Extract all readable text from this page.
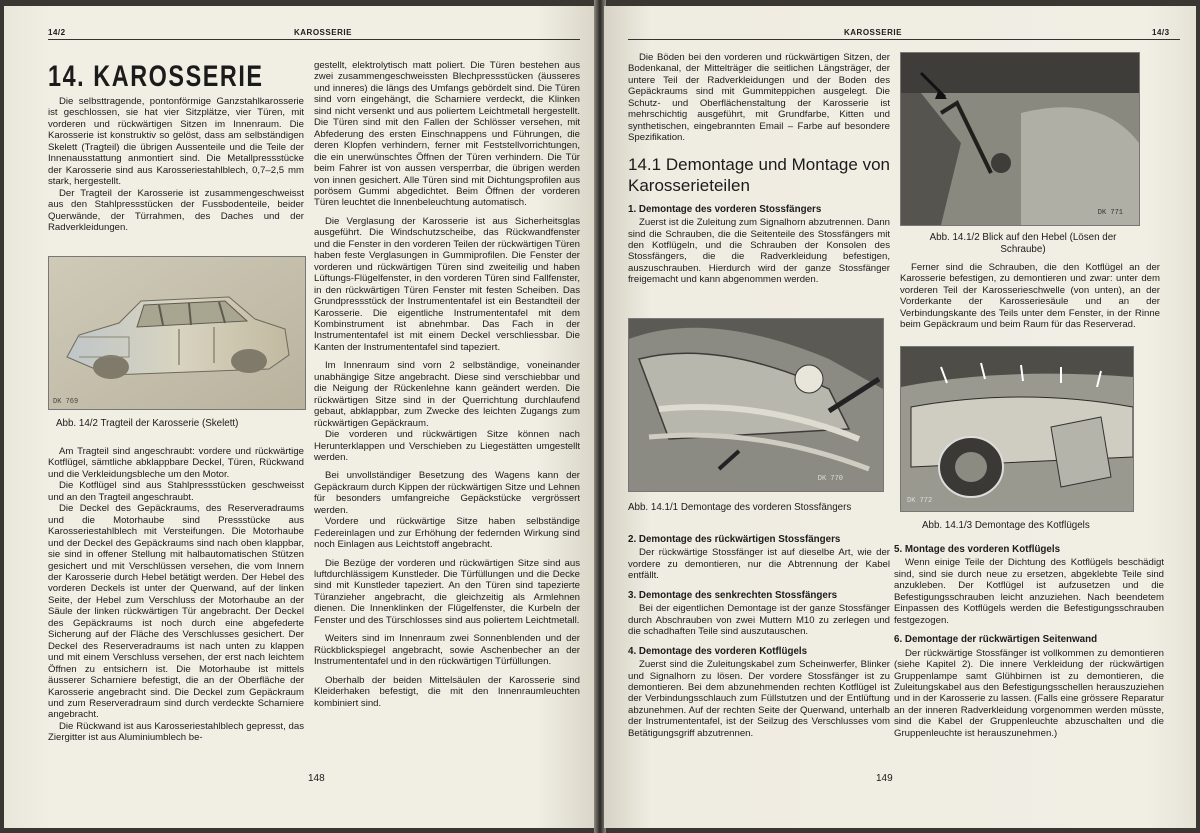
14/2	KAROSSERIE
14. KAROSSERIE

Die selbsttragende, pontonförmige Ganzstahlkarosserie ist geschlossen, sie hat vier Sitzplätze, vier Türen, mit vorderen und rückwärtigen Sitzen im Innenraum. Die Karosserie ist konstruktiv so gelöst, dass am selbständigen Skelett (Tragteil) die übrigen Aussenteile und die Teile der Innenausstattung anmontiert sind. Die Metallpressstücke der Karosserie sind aus Karosseriestahlblech, 0,7–2,5 mm stark, hergestellt.

Der Tragteil der Karosserie ist zusammengeschweisst aus den Stahlpressstücken der Fussbodenteile, beider Querwände, der Türrahmen, des Daches und der Radverkleidungen.

DK 769
Abb. 14/2 Tragteil der Karosserie (Skelett)

Am Tragteil sind angeschraubt: vordere und rückwärtige Kotflügel, sämtliche abklappbare Deckel, Türen, Rückwand und die Verkleidungsbleche um den Motor.

Die Kotflügel sind aus Stahlpressstücken geschweisst und an den Tragteil angeschraubt.

Die Deckel des Gepäckraums, des Reserveradraums und die Motorhaube sind Pressstücke aus Karosseriestahlblech mit Versteifungen. Die Motorhaube und der Deckel des Gepäckraums sind nach oben klappbar, sie sind in offener Stellung mit halbautomatischen Stützen gesichert und mit Verschlüssen versehen, die vom Innern der Karosserie durch Hebel betätigt werden. Der Hebel des vorderen Deckels ist unter der Querwand, auf der linken Seite, der Hebel zum Verschluss der Motorhaube an der Säule der linken rückwärtigen Tür angebracht. Der Deckel des Gepäckraums ist noch durch eine abgefederte Sicherung auf der Fläche des Verschlusses gesichert. Der Deckel des Reserveradraums ist nach unten zu klappen und mit einem Verschluss versehen, der erst nach leichtem Öffnen zu entsichern ist. Die Motorhaube ist mittels äusserer Scharniere befestigt, die an der Oberfläche der Karosserie angebracht sind. Die Deckel zum Gepäckraum und zum Reserveradraum sind durch verdeckte Scharniere angebracht.

Die Rückwand ist aus Karosseriestahlblech gepresst, das Ziergitter ist aus Aluminiumblech be-

gestellt, elektrolytisch matt poliert. Die Türen bestehen aus zwei zusammengeschweissten Blechpressstücken (äusseres und inneres) die längs des Umfangs gebördelt sind. Die Türen sind vorn eingehängt, die Scharniere verdeckt, die Klinken sind nicht versenkt und aus poliertem Leichtmetall hergestellt. Die Türen sind mit den Fallen der Schlösser versehen, mit Abfederung des ersten Einschnappens und Führungen, die deren Klopfen verhindern, ferner mit Feststellvorrichtungen, die ein unerwünschtes Öffnen der Türen verhindern. Die Tür beim Fahrer ist von aussen versperrbar, die übrigen werden von innen gesichert. Alle Türen sind mit Dichtungsprofilen aus porösem Gummi abgedichtet. Beim Öffnen der vorderen Türen leuchtet die Innenbeleuchtung automatisch.

Die Verglasung der Karosserie ist aus Sicherheitsglas ausgeführt. Die Windschutzscheibe, das Rückwandfenster und die Fenster in den vorderen Teilen der rückwärtigen Türen haben feste Verglasungen in Gummiprofilen. Die Fenster der vorderen und rückwärtigen Türen sind zweiteilig und haben Lüftungs-Flügelfenster, in den vorderen Türen sind Fallfenster, in den rückwärtigen Türen Fenster mit festen Scheiben. Das Grundpressstück der Instrumententafel ist ein Bestandteil der Karosserie. Die eigentliche Instrumententafel mit dem Kombinstrument ist abnehmbar. Das Fach in der Instrumententafel ist mit einem Deckel verschliessbar. Die Kanten der Instrumententafel sind tapeziert.

Im Innenraum sind vorn 2 selbständige, voneinander unabhängige Sitze angebracht. Diese sind verschiebbar und die Neigung der Rückenlehne kann geändert werden. Die rückwärtigen Sitze sind in der Querrichtung durchlaufend gebaut, abklappbar, zum Zwecke des leichten Zugangs zum rückwärtigen Gepäckraum.

Die vorderen und rückwärtigen Sitze können nach Herunterklappen und Verschieben zu Liegestätten umgestellt werden.

Bei unvollständiger Besetzung des Wagens kann der Gepäckraum durch Kippen der rückwärtigen Sitze und Lehnen für besonders umfangreiche Gepäckstücke vergrössert werden.

Vordere und rückwärtige Sitze haben selbständige Federeinlagen und zur Erhöhung der federnden Wirkung sind noch Einlagen aus Leichtstoff angebracht.

Die Bezüge der vorderen und rückwärtigen Sitze sind aus luftdurchlässigem Kunstleder. Die Türfüllungen und die Decke sind mit Kunstleder tapeziert. An den Türen sind tapezierte Türanzieher angebracht, die gleichzeitig als Armlehnen dienen. Die Innenklinken der Flügelfenster, die Kurbeln der Fenster und des Türschlosses sind aus poliertem Leichtmetall.

Weiters sind im Innenraum zwei Sonnenblenden und der Rückblickspiegel angebracht, sowie Aschenbecher an der Instrumententafel und in den rückwärtigen Türfüllungen.

Oberhalb der beiden Mittelsäulen der Karosserie sind Kleiderhaken befestigt, die mit den Innenraumleuchten kombiniert sind.

148
KAROSSERIE	14/3

Die Böden bei den vorderen und rückwärtigen Sitzen, der Bodenkanal, der Mittelträger die seitlichen Längsträger, der untere Teil der Radverkleidungen und der Boden des Gepäckraums sind mit Gummiteppichen ausgelegt. Die Schutz- und Oberflächenstaltung der Karosserie ist mehrschichtig ausgeführt, mit Grundfarbe, Kitten und synthetischen, eingebrannten Email – Farbe auf besondere Spezifikation.

14.1 Demontage und Montage von Karosserieteilen
1. Demontage des vorderen Stossfängers

Zuerst ist die Zuleitung zum Signalhorn abzutrennen. Dann sind die Schrauben, die die Seitenteile des Stossfängers mit den Kotflügeln, und die Schrauben der Konsolen des Stossfängers, die die Radverkleidung befestigen, auszuschrauben. Hierdurch wird der ganze Stossfänger freigemacht und kann abgenommen werden.

DK 770
Abb. 14.1/1 Demontage des vorderen Stossfängers
2. Demontage des rückwärtigen Stossfängers

Der rückwärtige Stossfänger ist auf dieselbe Art, wie der vordere zu demontieren, nur die Abtrennung der Kabel entfällt.

3. Demontage des senkrechten Stossfängers

Bei der eigentlichen Demontage ist der ganze Stossfänger durch Abschrauben von zwei Muttern M10 zu zerlegen und die schadhaften Teile sind auszutauschen.

4. Demontage des vorderen Kotflügels

Zuerst sind die Zuleitungskabel zum Scheinwerfer, Blinker und Signalhorn zu lösen. Der vordere Stossfänger ist zu demontieren. Bei dem abzunehmenden rechten Kotflügel ist der Verbindungsschlauch zum Füllstutzen und der Entlüftung abzunehmen. Auf der rechten Seite der Querwand, unterhalb der Instrumententafel, ist der Seilzug des Verschlusses vom Betätigungsgriff abzutrennen.

DK 771
Abb. 14.1/2 Blick auf den Hebel (Lösen der Schraube)

Ferner sind die Schrauben, die den Kotflügel an der Karosserie befestigen, zu demontieren und zwar: unter dem vorderen Teil der Karosserieschwelle (von unten), an der Vorderkante der Karosseriesäule und an der Verbindungskante des Teils unter dem Fenster, in der Rinne beim Gepäckraum und beim Raum für das Reserverad.

DK 772
Abb. 14.1/3 Demontage des Kotflügels
5. Montage des vorderen Kotflügels

Wenn einige Teile der Dichtung des Kotflügels beschädigt sind, sind sie durch neue zu ersetzen, abgeklebte Teile sind anzukleben. Der Kotflügel ist aufzusetzen und die Befestigungsschrauben leicht anzuziehen. Nach beendetem Einpassen des Kotflügels werden die Befestigungsschrauben festgezogen.

6. Demontage der rückwärtigen Seitenwand

Der rückwärtige Stossfänger ist vollkommen zu demontieren (siehe Kapitel 2). Die innere Verkleidung der rückwärtigen Gruppenlampe samt Glühbirnen ist zu demontieren, die Zuleitungskabel aus den Befestigungsschellen herauszuziehen und in der Karosserie zu lassen. (Falls eine grössere Reparatur an der inneren Radverkleidung vorgenommen werden müsste, sind die Kabel der Gruppenleuchte abzuschalten und die Gruppenleuchte ist herauszunehmen.)

149
